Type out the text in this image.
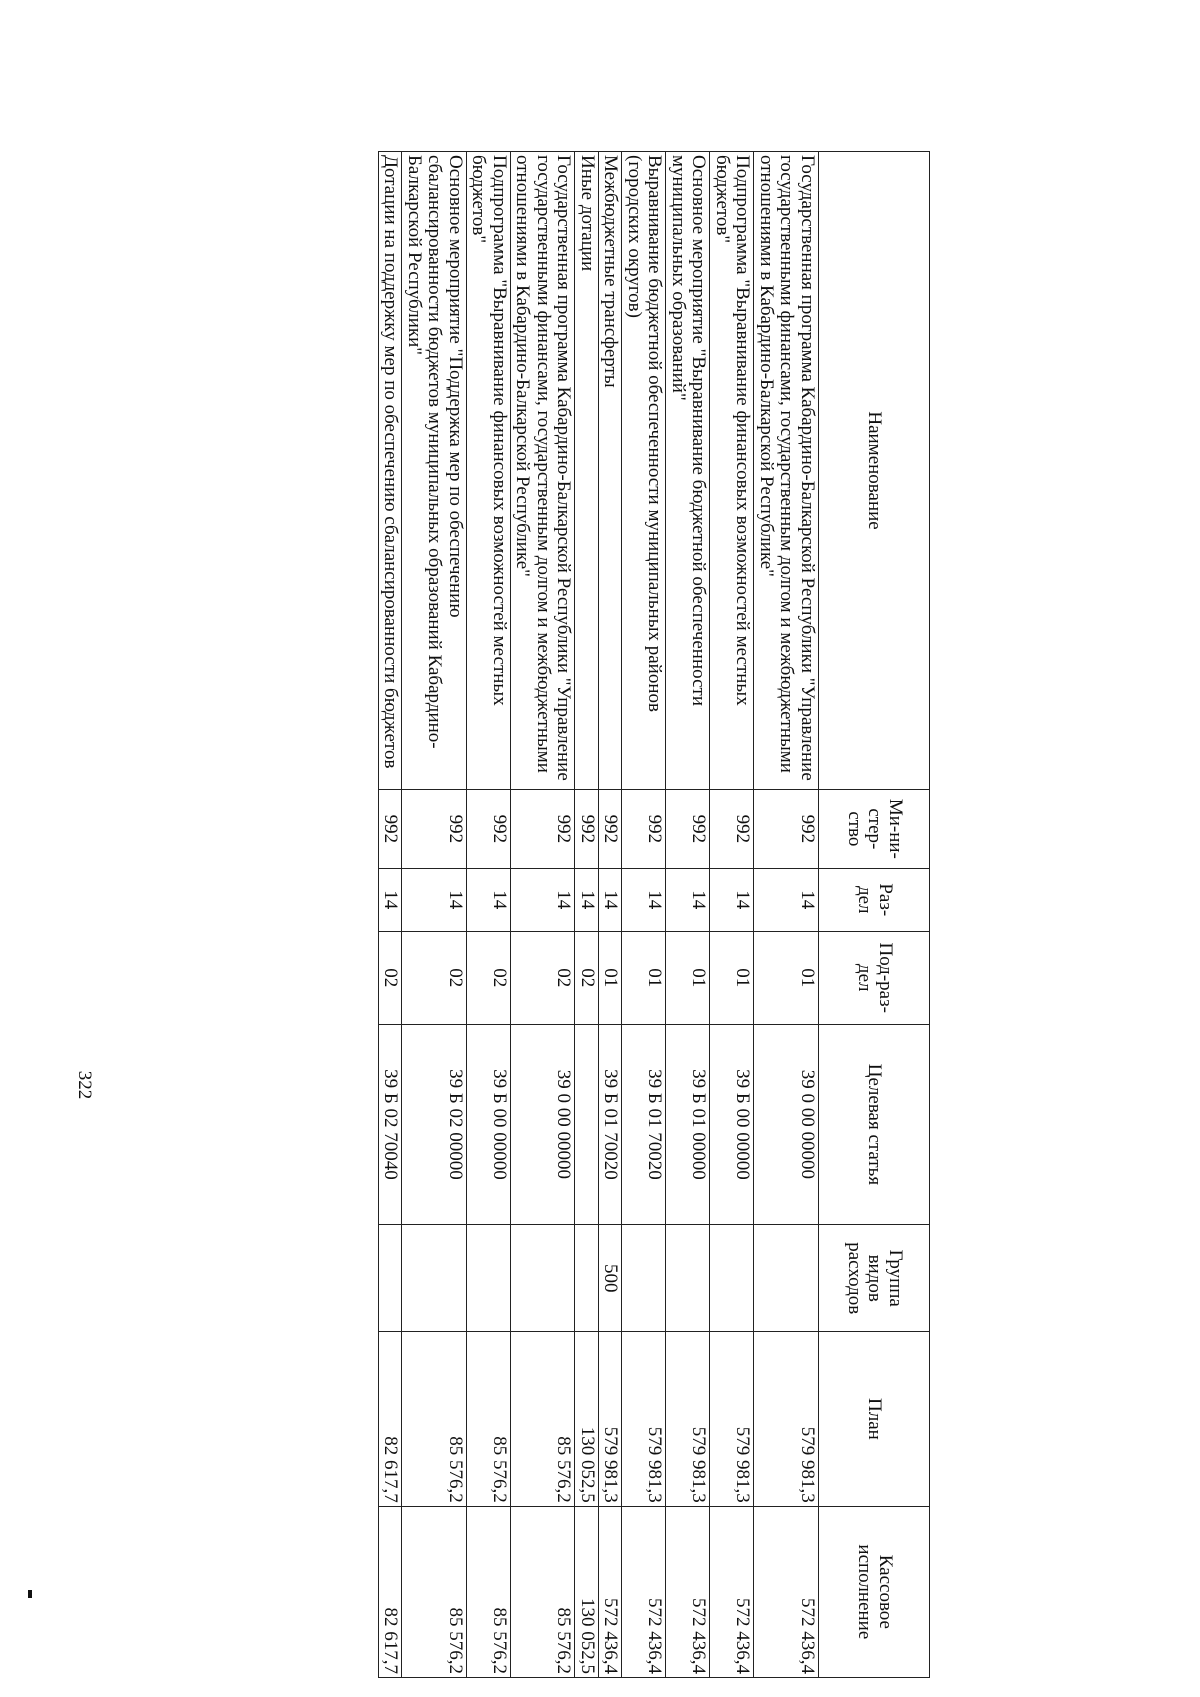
322
Наименование	Ми-ни-стер-ство	Раз-дел	Под-раз-дел	Целевая статья	Группа видов расходов	План	Кассовое исполнение
Государственная программа Кабардино-Балкарской Республики "Управление государственными финансами, государственным долгом и межбюджетными отношениями в Кабардино-Балкарской Республике"	992	14	01	39 0 00 00000		579 981,3	572 436,4
Подпрограмма "Выравнивание финансовых возможностей местных бюджетов"	992	14	01	39 Б 00 00000		579 981,3	572 436,4
Основное мероприятие "Выравнивание бюджетной обеспеченности муниципальных образований"	992	14	01	39 Б 01 00000		579 981,3	572 436,4
Выравнивание бюджетной обеспеченности муниципальных районов (городских округов)	992	14	01	39 Б 01 70020		579 981,3	572 436,4
Межбюджетные трансферты	992	14	01	39 Б 01 70020	500	579 981,3	572 436,4
Иные дотации	992	14	02			130 052,5	130 052,5
Государственная программа Кабардино-Балкарской Республики "Управление государственными финансами, государственным долгом и межбюджетными отношениями в Кабардино-Балкарской Республике"	992	14	02	39 0 00 00000		85 576,2	85 576,2
Подпрограмма "Выравнивание финансовых возможностей местных бюджетов"	992	14	02	39 Б 00 00000		85 576,2	85 576,2
Основное мероприятие "Поддержка мер по обеспечению сбалансированности бюджетов муниципальных образований Кабардино-Балкарской Республики"	992	14	02	39 Б 02 00000		85 576,2	85 576,2
Дотации на поддержку мер по обеспечению сбалансированности бюджетов	992	14	02	39 Б 02 70040		82 617,7	82 617,7
